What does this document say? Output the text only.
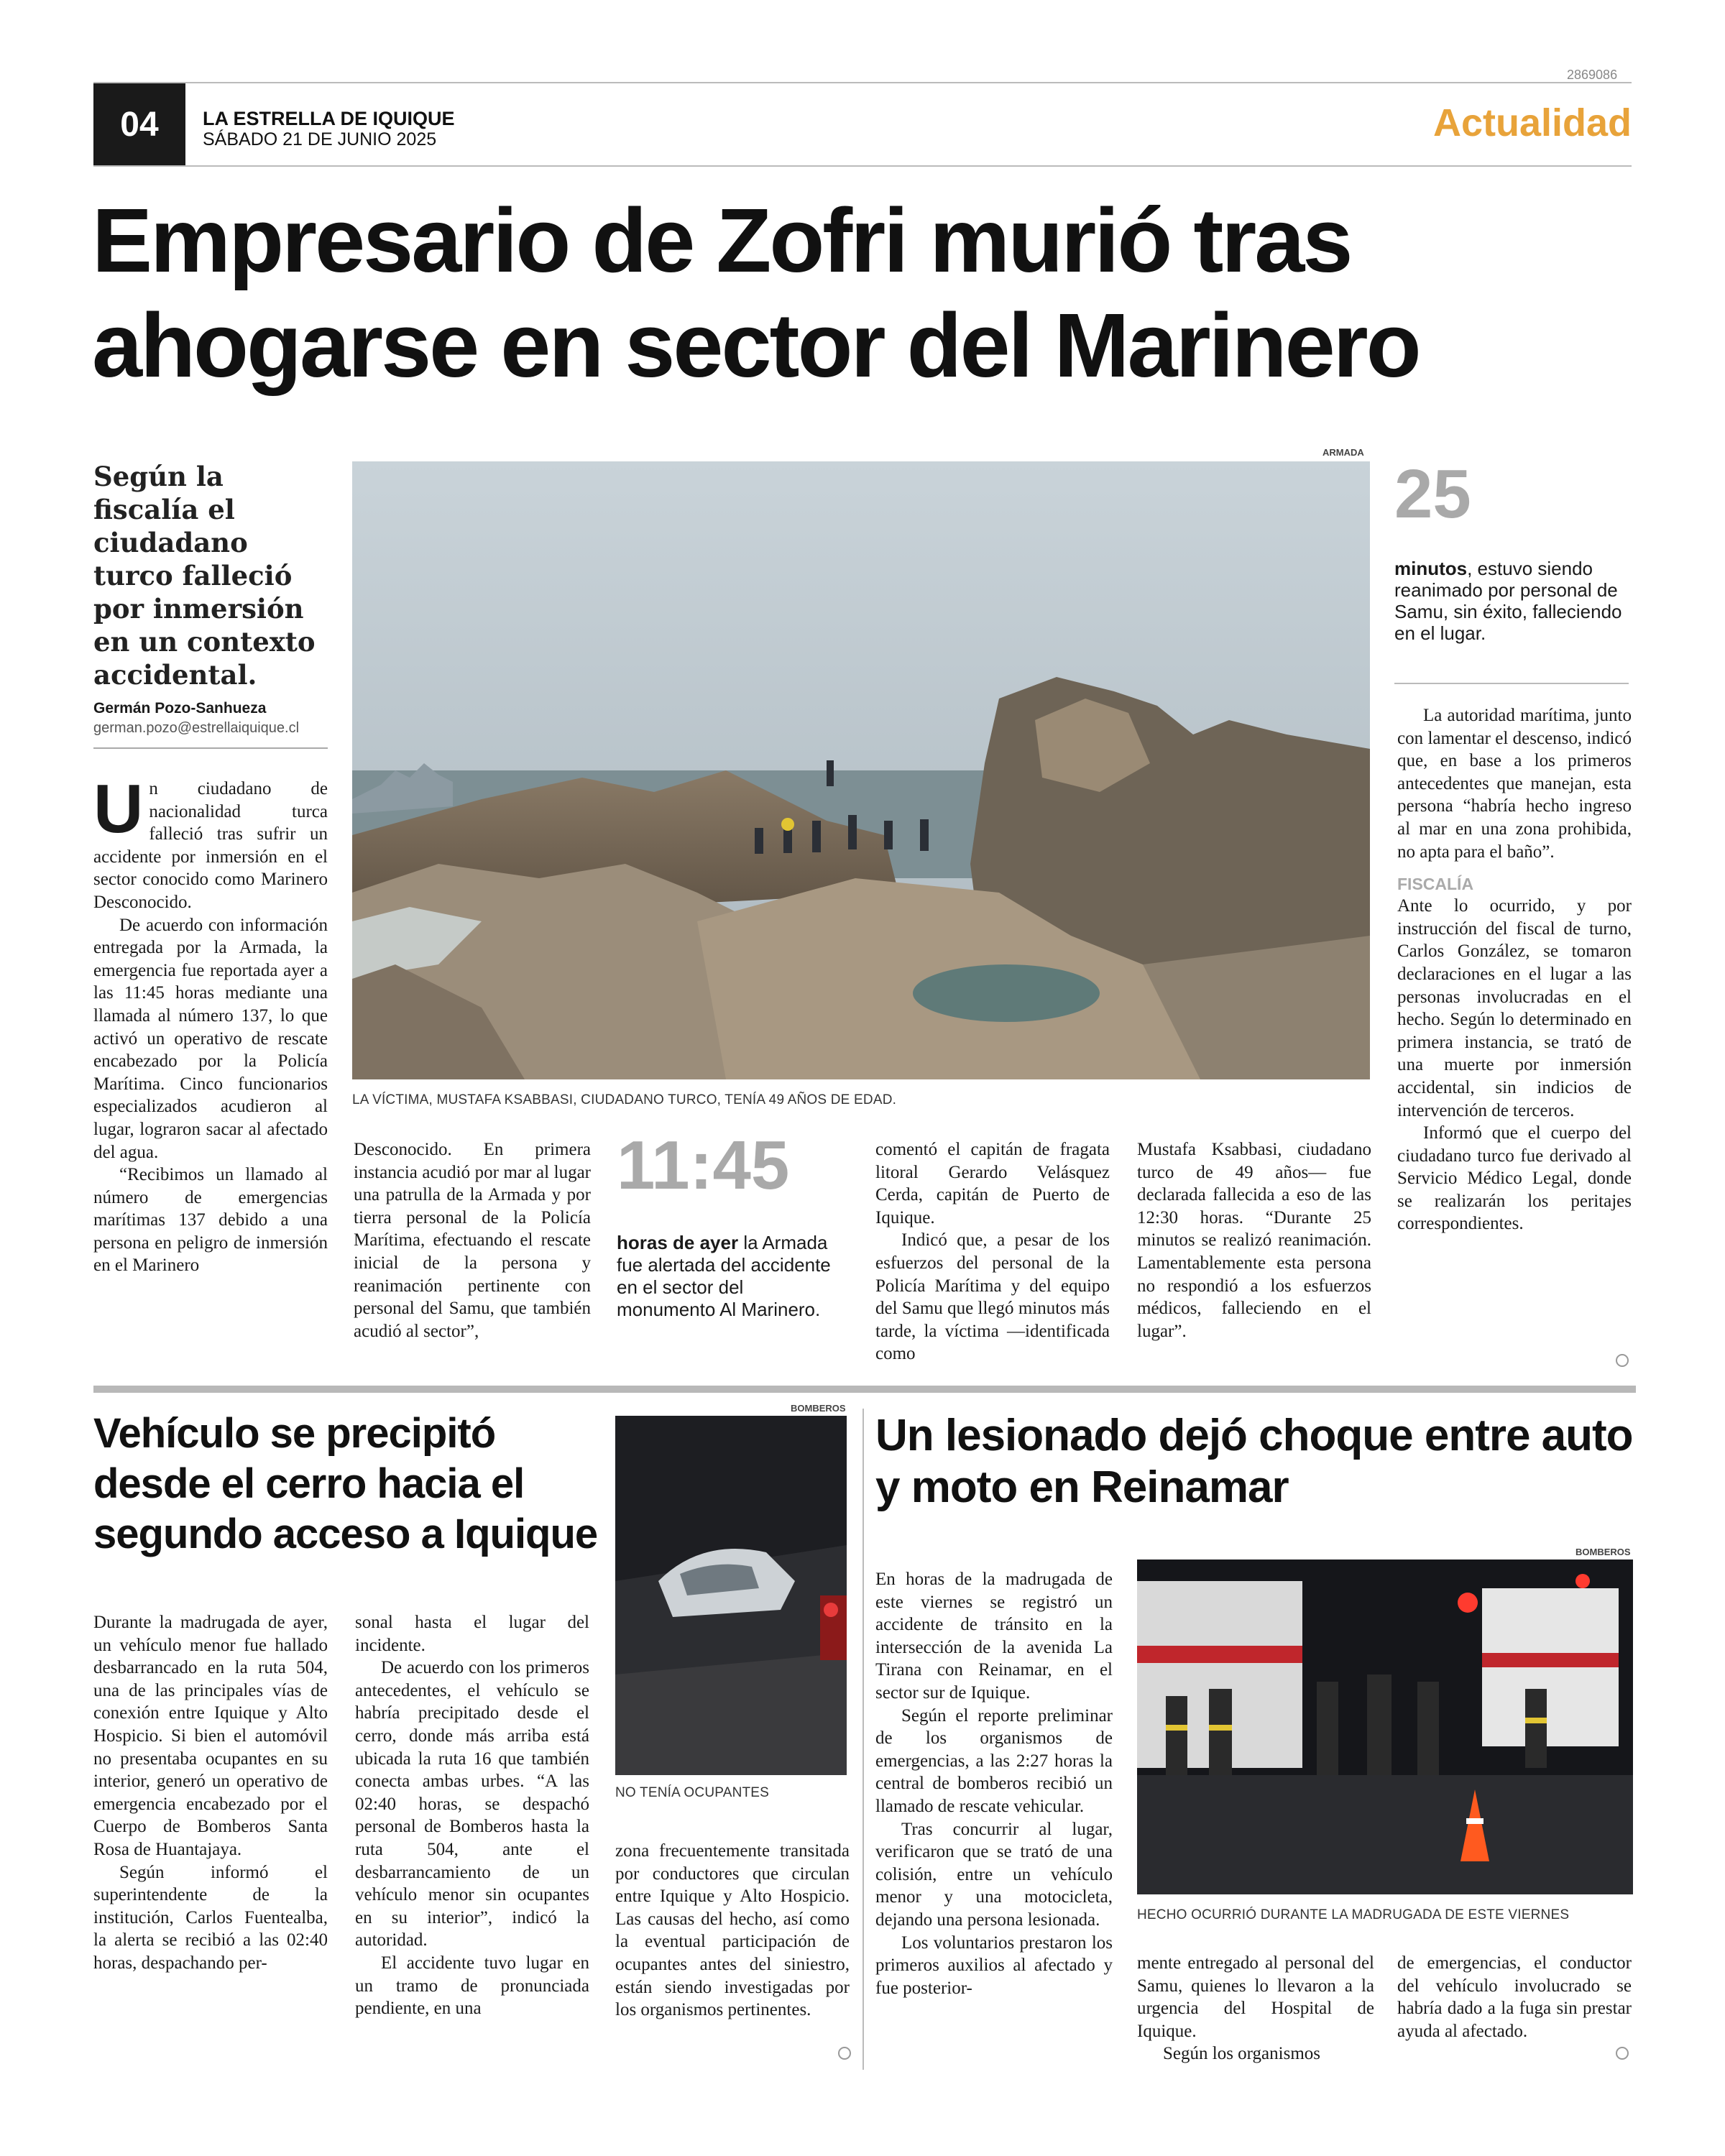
2869086
04 LA ESTRELLA DE IQUIQUE
SÁBADO 21 DE JUNIO 2025	Actualidad
Empresario de Zofri murió tras
ahogarse en sector del Marinero
Según la fiscalía el ciudadano turco falleció por inmersión en un contexto accidental.
Germán Pozo-Sanhueza
german.pozo@estrellaiquique.cl
ARMADA
LA VÍCTIMA, MUSTAFA KSABBASI, CIUDADANO TURCO, TENÍA 49 AÑOS DE EDAD.
25
minutos, estuvo siendo reanimado por personal de Samu, sin éxito, falleciendo en el lugar.

Un ciudadano de nacionalidad turca falleció tras sufrir un accidente por inmersión en el sector conocido como Marinero Desconocido.

De acuerdo con información entregada por la Armada, la emergencia fue reportada ayer a las 11:45 horas mediante una llamada al número 137, lo que activó un operativo de rescate encabezado por la Policía Marítima. Cinco funcionarios especializados acudieron al lugar, lograron sacar al afectado del agua.

“Recibimos un llamado al número de emergencias marítimas 137 debido a una persona en peligro de inmersión en el Marinero

Desconocido. En primera instancia acudió por mar al lugar una patrulla de la Armada y por tierra personal de la Policía Marítima, efectuando el rescate inicial de la persona y reanimación pertinente con personal del Samu, que también acudió al sector”,

11:45
horas de ayer la Armada fue alertada del accidente en el sector del monumento Al Marinero.

comentó el capitán de fragata litoral Gerardo Velásquez Cerda, capitán de Puerto de Iquique.

Indicó que, a pesar de los esfuerzos del personal de la Policía Marítima y del equipo del Samu que llegó minutos más tarde, la víctima —identificada como

Mustafa Ksabbasi, ciudadano turco de 49 años— fue declarada fallecida a eso de las 12:30 horas. “Durante 25 minutos se realizó reanimación. Lamentablemente esta persona no respondió a los esfuerzos médicos, falleciendo en el lugar”.

La autoridad marítima, junto con lamentar el descenso, indicó que, en base a los primeros antecedentes que manejan, esta persona “habría hecho ingreso al mar en una zona prohibida, no apta para el baño”.

FISCALÍA

Ante lo ocurrido, y por instrucción del fiscal de turno, Carlos González, se tomaron declaraciones en el lugar a las personas involucradas en el hecho. Según lo determinado en primera instancia, se trató de una muerte por inmersión accidental, sin indicios de intervención de terceros.

Informó que el cuerpo del ciudadano turco fue derivado al Servicio Médico Legal, donde se realizarán los peritajes correspondientes.

Vehículo se precipitó desde el cerro hacia el segundo acceso a Iquique
BOMBEROS
NO TENÍA OCUPANTES

Durante la madrugada de ayer, un vehículo menor fue hallado desbarrancado en la ruta 504, una de las principales vías de conexión entre Iquique y Alto Hospicio. Si bien el automóvil no presentaba ocupantes en su interior, generó un operativo de emergencia encabezado por el Cuerpo de Bomberos Santa Rosa de Huantajaya.

Según informó el superintendente de la institución, Carlos Fuentealba, la alerta se recibió a las 02:40 horas, despachando per-

sonal hasta el lugar del incidente.

De acuerdo con los primeros antecedentes, el vehículo se habría precipitado desde el cerro, donde más arriba está ubicada la ruta 16 que también conecta ambas urbes. “A las 02:40 horas, se despachó personal de Bomberos hasta la ruta 504, ante el desbarrancamiento de un vehículo menor sin ocupantes en su interior”, indicó la autoridad.

El accidente tuvo lugar en un tramo de pronunciada pendiente, en una

zona frecuentemente transitada por conductores que circulan entre Iquique y Alto Hospicio. Las causas del hecho, así como la eventual participación de ocupantes antes del siniestro, están siendo investigadas por los organismos pertinentes.

Un lesionado dejó choque entre auto y moto en Reinamar
BOMBEROS
HECHO OCURRIÓ DURANTE LA MADRUGADA DE ESTE VIERNES

En horas de la madrugada de este viernes se registró un accidente de tránsito en la intersección de la avenida La Tirana con Reinamar, en el sector sur de Iquique.

Según el reporte preliminar de los organismos de emergencias, a las 2:27 horas la central de bomberos recibió un llamado de rescate vehicular.

Tras concurrir al lugar, verificaron que se trató de una colisión, entre un vehículo menor y una motocicleta, dejando una persona lesionada.

Los voluntarios prestaron los primeros auxilios al afectado y fue posterior-

mente entregado al personal del Samu, quienes lo llevaron a la urgencia del Hospital de Iquique.

Según los organismos

de emergencias, el conductor del vehículo involucrado se habría dado a la fuga sin prestar ayuda al afectado.
